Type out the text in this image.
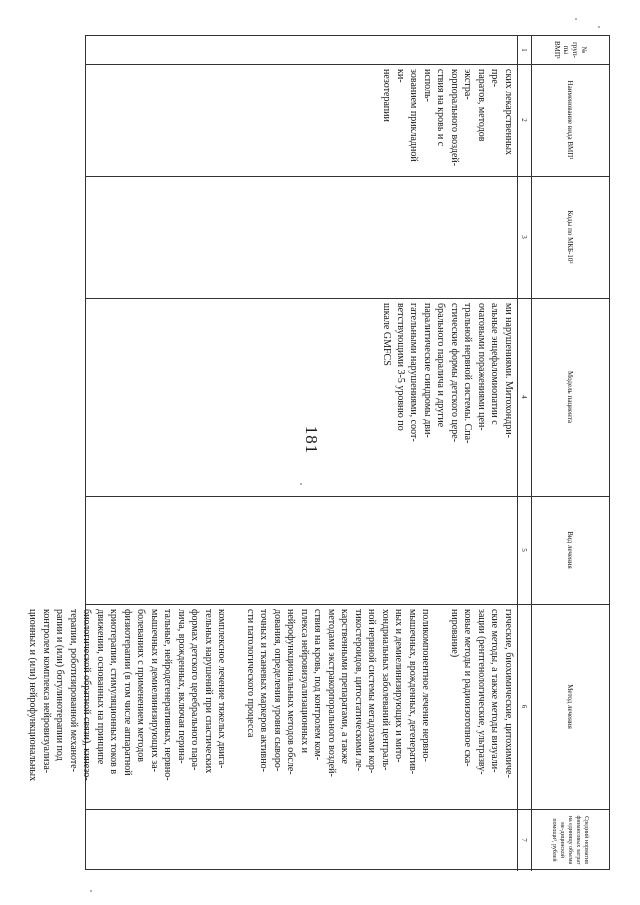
181
№ груп-пы ВМП¹
Наименование вида ВМП¹
Коды по МКБ-10²
Модель пациента
Вид лечения
Метод лечения
Средний норматив финансовых затрат на единицу объема ме-дицинской помощи³, рублей
1
2
3
4
5
6
7

ских лекарственных пре-

паратов, методов экстра-

корпорального воздей-

ствия на кровь и с исполь-

зованием прикладной ки-

незотерапии

ми нарушениями. Митохондри-

альные энцефаломиопатии с

очаговыми поражениями цен-

тральной нервной системы. Спа-

стические формы детского цере-

брального паралича и другие

паралитические синдромы дви-

гательными нарушениями, соот-

ветствующими 3-5 уровню по

шкале GMFCS

гические, биохимические, цитохимиче-

ские методы, а также методы визуали-

зации (рентгенологические, ультразву-

ковые методы и радиоизотопное ска-

нирование)

поликомпонентное лечение нервно-

мышечных, врожденных, дегенератив-

ных и демиелинизирующих и мито-

хондриальных заболеваний централь-

ной нервной системы мегадозами кор-

тикостероидов, цитостатическими ле-

карственными препаратами, а также

методами экстракорпорального воздей-

ствия на кровь, под контролем ком-

плекса нейровизуализационных и

нейрофункциональных методов обсле-

дования, определения уровня сыворо-

точных и тканевых маркеров активно-

сти патологического процесса

комплексное лечение тяжелых двига-

тельных нарушений при спастических

формах детского церебрального пара-

лича, врожденных, включая перина-

тальные, нейродегенеративных, нервно-

мышечных и демиелинизирующих за-

болеваниях с применением методов

физиотерапии (в том числе аппаратной

криотерапии, стимуляционных токов в

движении, основанных на принципе

биологической обратной связи), кинезо-

терапии, роботизированной механоте-

рапии и (или) ботулинотерапии под

контролем комплекса нейровизуализа-

ционных и (или) нейрофункциональных
